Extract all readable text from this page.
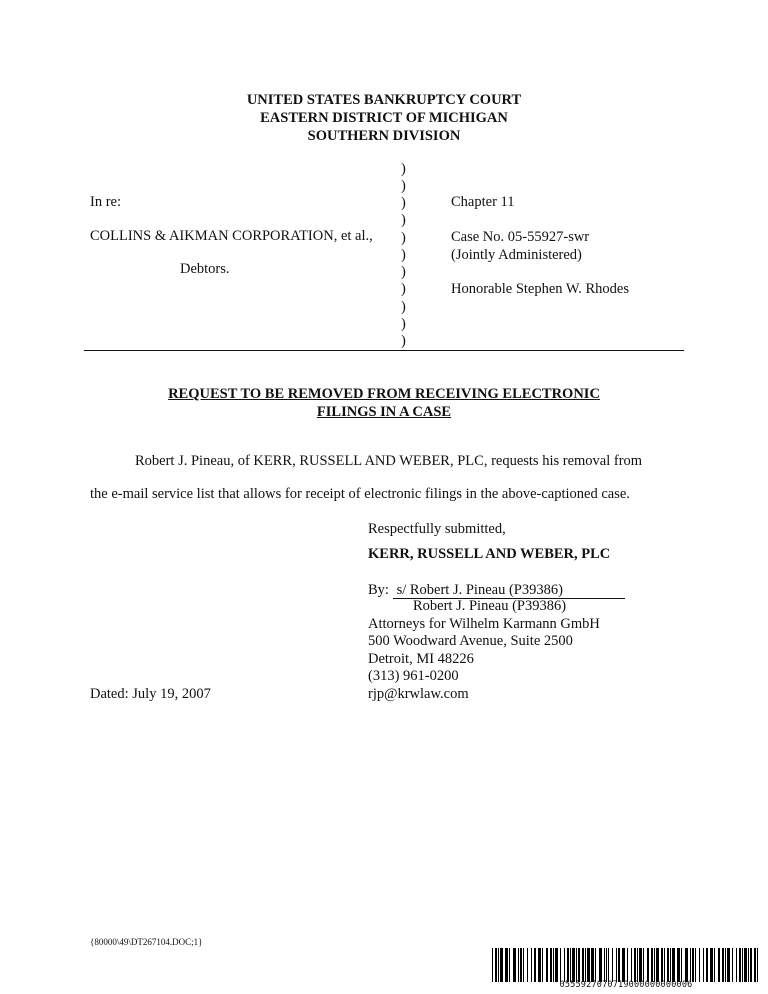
UNITED STATES BANKRUPTCY COURT
EASTERN DISTRICT OF MICHIGAN
SOUTHERN DIVISION
In re:
COLLINS & AIKMAN CORPORATION, et al.,
Debtors.
)
)
)
)
)
)
)
)
)
)
)
Chapter 11
Case No. 05-55927-swr
(Jointly Administered)
Honorable Stephen W. Rhodes
REQUEST TO BE REMOVED FROM RECEIVING ELECTRONIC
FILINGS IN A CASE
Robert J. Pineau, of KERR, RUSSELL AND WEBER, PLC, requests his removal from
the e-mail service list that allows for receipt of electronic filings in the above-captioned case.
Respectfully submitted,
KERR, RUSSELL AND WEBER, PLC
By: s/ Robert J. Pineau (P39386)
Robert J. Pineau (P39386)
Attorneys for Wilhelm Karmann GmbH
500 Woodward Avenue, Suite 2500
Detroit, MI 48226
(313) 961-0200
rjp@krwlaw.com
Dated: July 19, 2007
{80000\49\DT267104.DOC;1}
0555927070719000000000006
